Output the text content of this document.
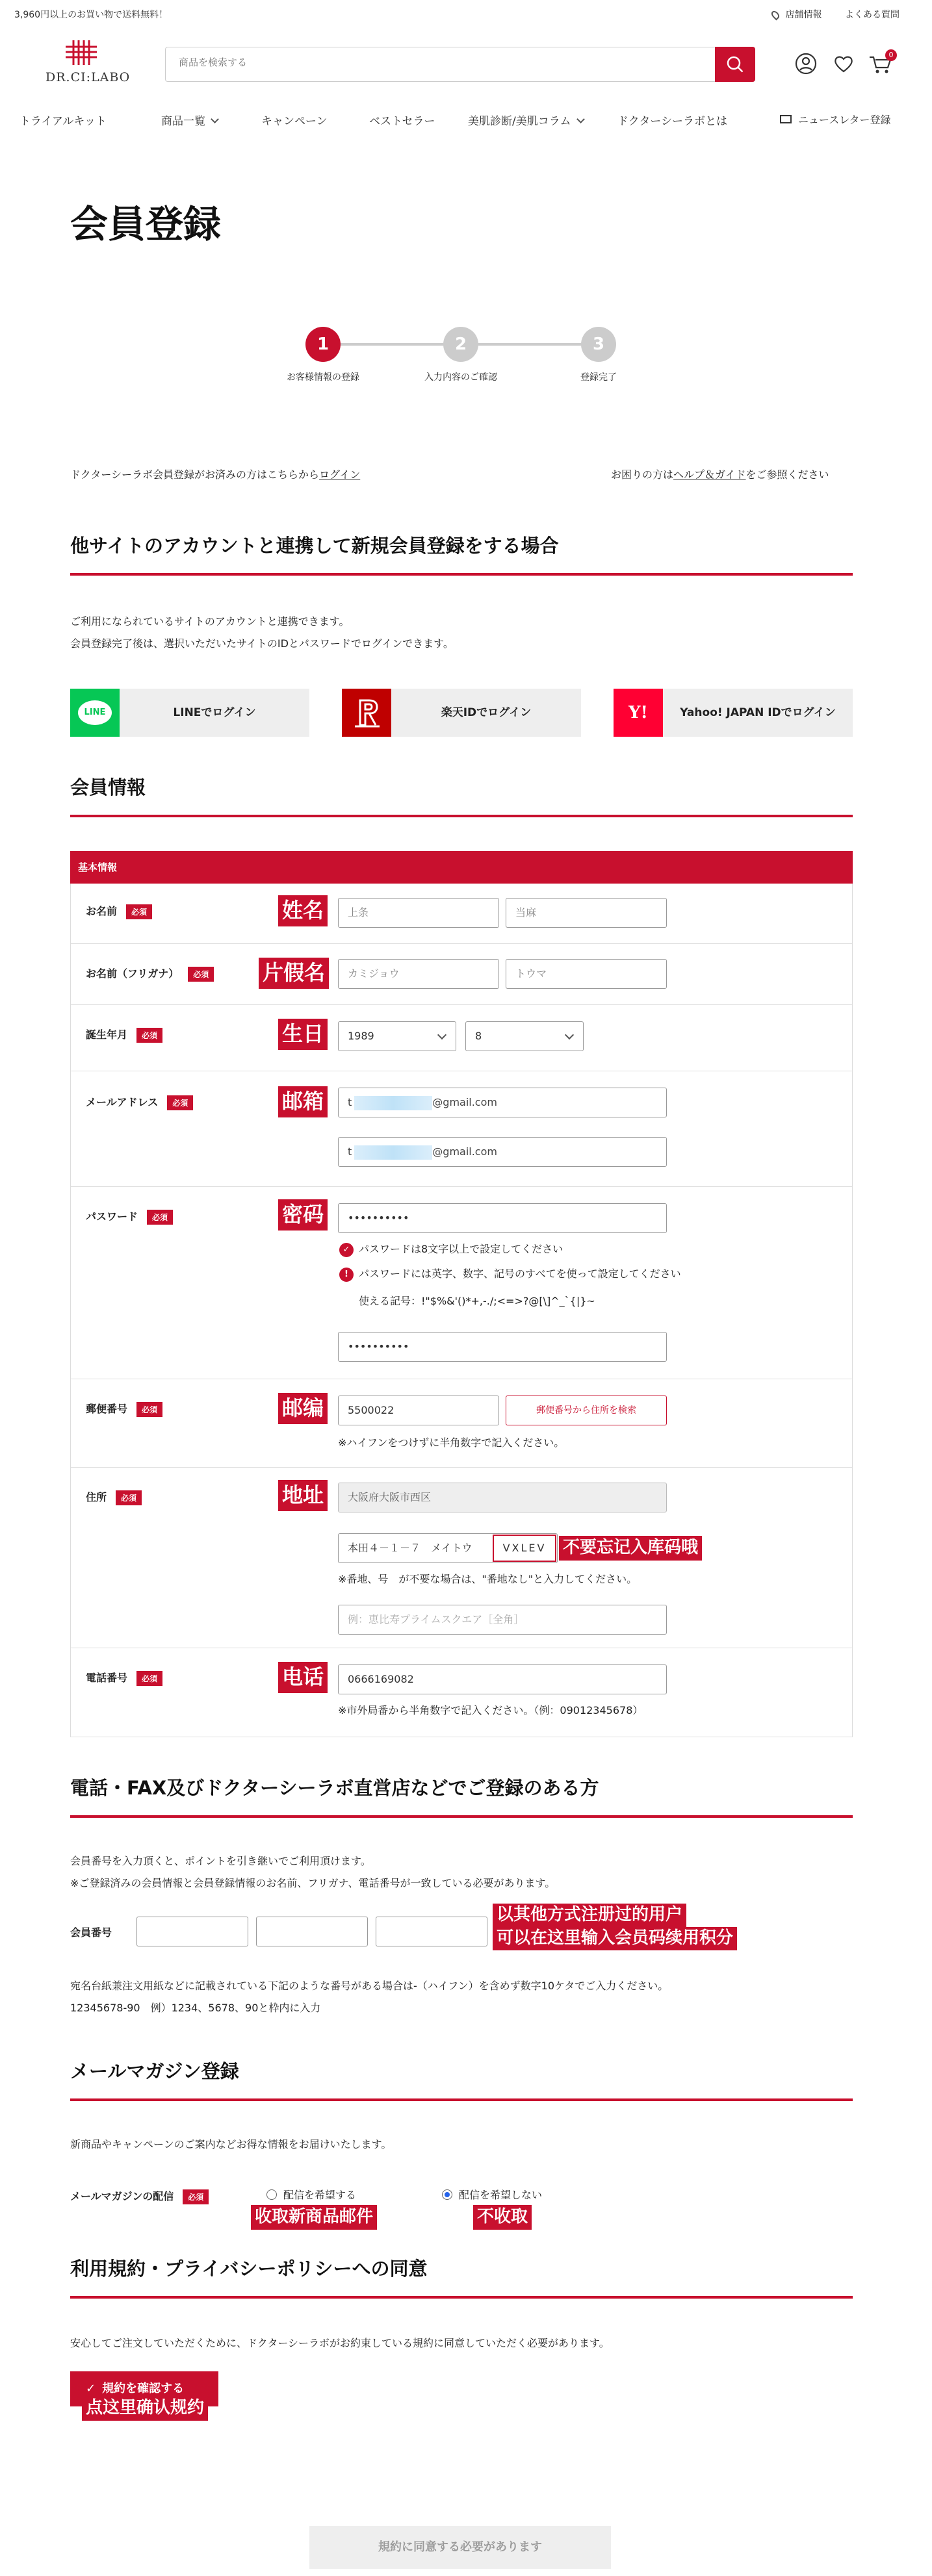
3,960円以上のお買い物で送料無料！	店舗情報	よくある質問
DR.CI:LABO
商品を検索する
0
トライアルキット	商品一覧	キャンペーン	ベストセラー	美肌診断/美肌コラム	ドクターシーラボとは	ニュースレター登録
会員登録
1	2	3
お客様情報の登録	入力内容のご確認	登録完了
ドクターシーラボ会員登録がお済みの方はこちらからログイン	お困りの方はヘルプ＆ガイドをご参照ください
他サイトのアカウントと連携して新規会員登録をする場合
ご利用になられているサイトのアカウントと連携できます。
会員登録完了後は、選択いただいたサイトのIDとパスワードでログインできます。
LINE	LINEでログイン	楽天IDでログイン	Y!	Yahoo! JAPAN IDでログイン
会員情報
基本情報
お名前 必須	姓名	上条	当麻
お名前（フリガナ） 必須	片假名	カミジョウ	トウマ
誕生年月 必須	生日	1989	8
メールアドレス 必須	邮箱	t	@gmail.com
t	@gmail.com
パスワード 必須	密码	••••••••••
✓ パスワードは8文字以上で設定してください
! パスワードには英字、数字、記号のすべてを使って設定してください
使える記号：!"$%&'()*+,-./;<=>?@[\]^_`{|}~
••••••••••
郵便番号 必須	邮编	5500022	郵便番号から住所を検索
※ハイフンをつけずに半角数字で記入ください。
住所 必須	地址	大阪府大阪市西区
本田４－１－７　メイトウ	VXLEV 不要忘记入库码哦
※番地、号　が不要な場合は、"番地なし"と入力してください。
例：恵比寿プライムスクエア［全角］
電話番号 必須	电话	0666169082
※市外局番から半角数字で記入ください。（例：09012345678）
電話・FAX及びドクターシーラボ直営店などでご登録のある方
会員番号を入力頂くと、ポイントを引き継いでご利用頂けます。
※ご登録済みの会員情報と会員登録情報のお名前、フリガナ、電話番号が一致している必要があります。
会員番号
以其他方式注册过的用户
可以在这里输入会员码续用积分
宛名台紙兼注文用紙などに記載されている下記のような番号がある場合は-（ハイフン）を含めず数字10ケタでご入力ください。
12345678-90　例）1234、5678、90と枠内に入力
メールマガジン登録
新商品やキャンペーンのご案内などお得な情報をお届けいたします。
メールマガジンの配信 必須	配信を希望する	配信を希望しない
收取新商品邮件	不收取
利用規約・プライバシーポリシーへの同意
安心してご注文していただくために、ドクターシーラボがお約束している規約に同意していただく必要があります。
✓ 規約を確認する
点这里确认规约
規約に同意する必要があります
